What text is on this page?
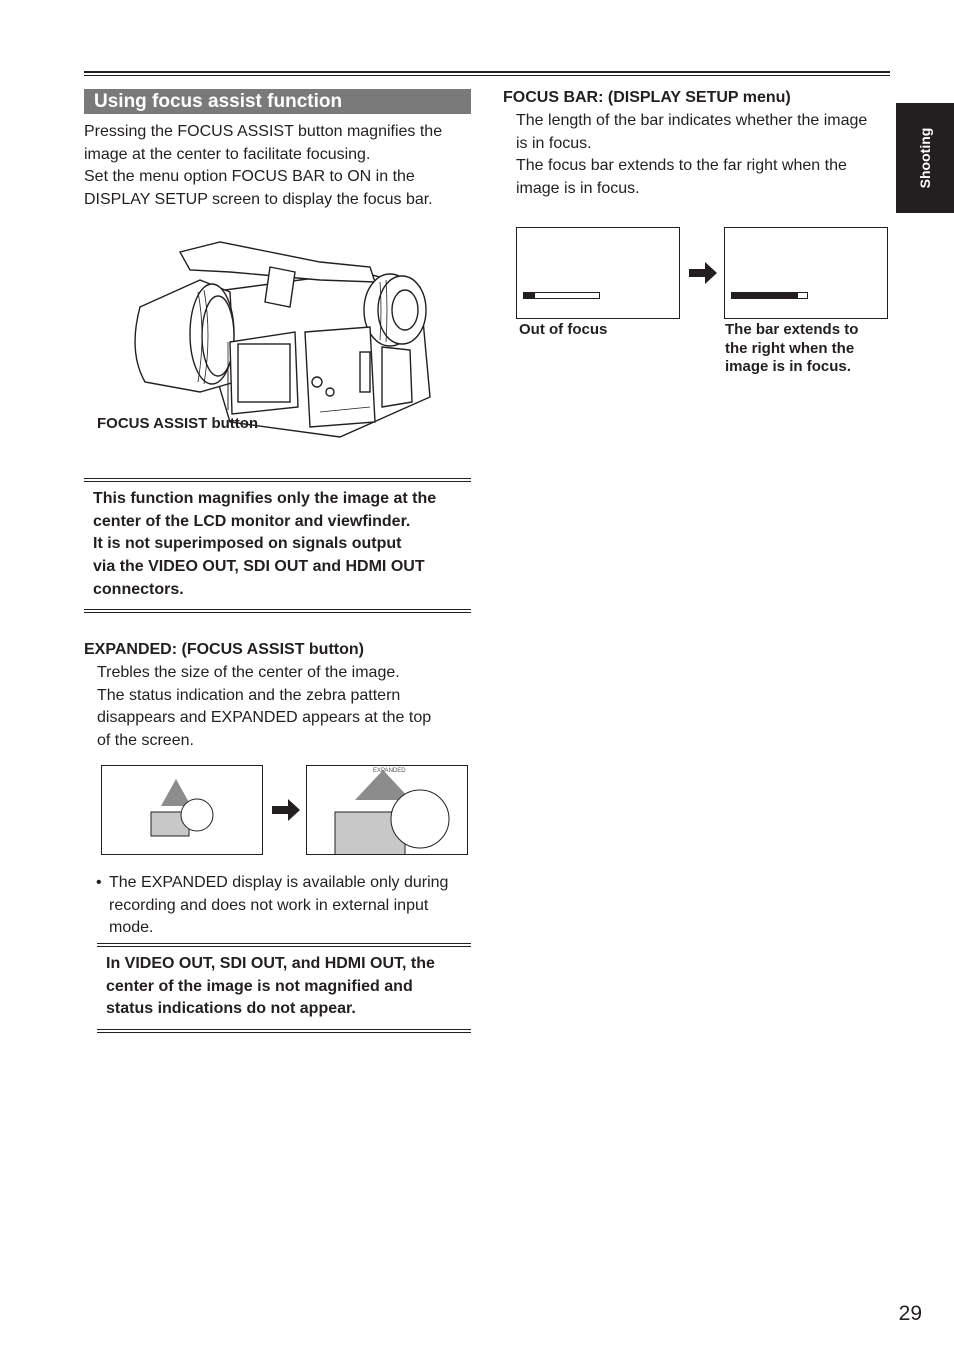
Shooting
Using focus assist function
Pressing the FOCUS ASSIST button magnifies the
image at the center to facilitate focusing.
Set the menu option FOCUS BAR to ON in the
DISPLAY SETUP screen to display the focus bar.
FOCUS ASSIST button
This function magnifies only the image at the
center of the LCD monitor and viewfinder.
It is not superimposed on signals output
via the VIDEO OUT, SDI OUT and HDMI OUT
connectors.
EXPANDED: (FOCUS ASSIST button)
Trebles the size of the center of the image.
The status indication and the zebra pattern
disappears and EXPANDED appears at the top
of the screen.
EXPANDED
• The EXPANDED display is available only during
recording and does not work in external input
mode.
In VIDEO OUT, SDI OUT, and HDMI OUT, the
center of the image is not magnified and
status indications do not appear.
FOCUS BAR: (DISPLAY SETUP menu)
The length of the bar indicates whether the image
is in focus.
The focus bar extends to the far right when the
image is in focus.
Out of focus	The bar extends to
the right when the
image is in focus.
29
